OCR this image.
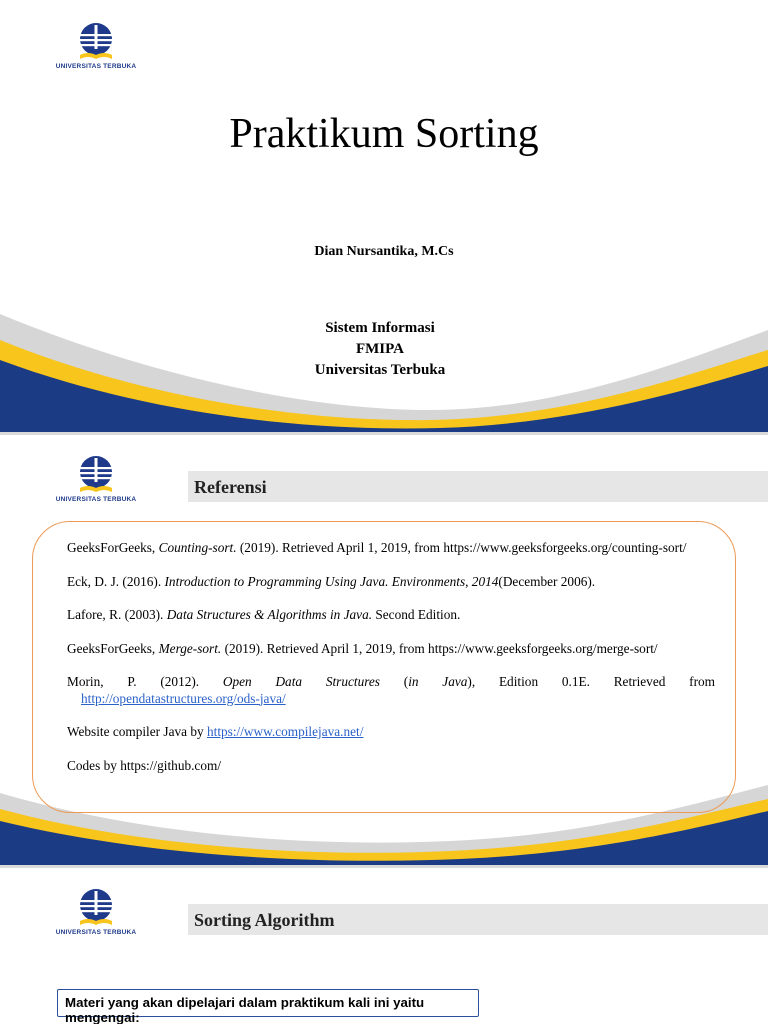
UNIVERSITAS TERBUKA
Praktikum Sorting
Dian Nursantika, M.Cs
Sistem Informasi
FMIPA
Universitas Terbuka
UNIVERSITAS TERBUKA
Referensi

GeeksForGeeks, Counting-sort. (2019). Retrieved April 1, 2019, from https://www.geeksforgeeks.org/counting-sort/

Eck, D. J. (2016). Introduction to Programming Using Java. Environments, 2014(December 2006).

Lafore, R. (2003). Data Structures & Algorithms in Java. Second Edition.

GeeksForGeeks, Merge-sort. (2019). Retrieved April 1, 2019, from https://www.geeksforgeeks.org/merge-sort/

Morin, P. (2012). Open Data Structures (in Java), Edition 0.1E. Retrieved from

http://opendatastructures.org/ods-java/

Website compiler Java by https://www.compilejava.net/

Codes by https://github.com/

UNIVERSITAS TERBUKA
Sorting Algorithm
Materi yang akan dipelajari dalam praktikum kali ini yaitu mengengai:
